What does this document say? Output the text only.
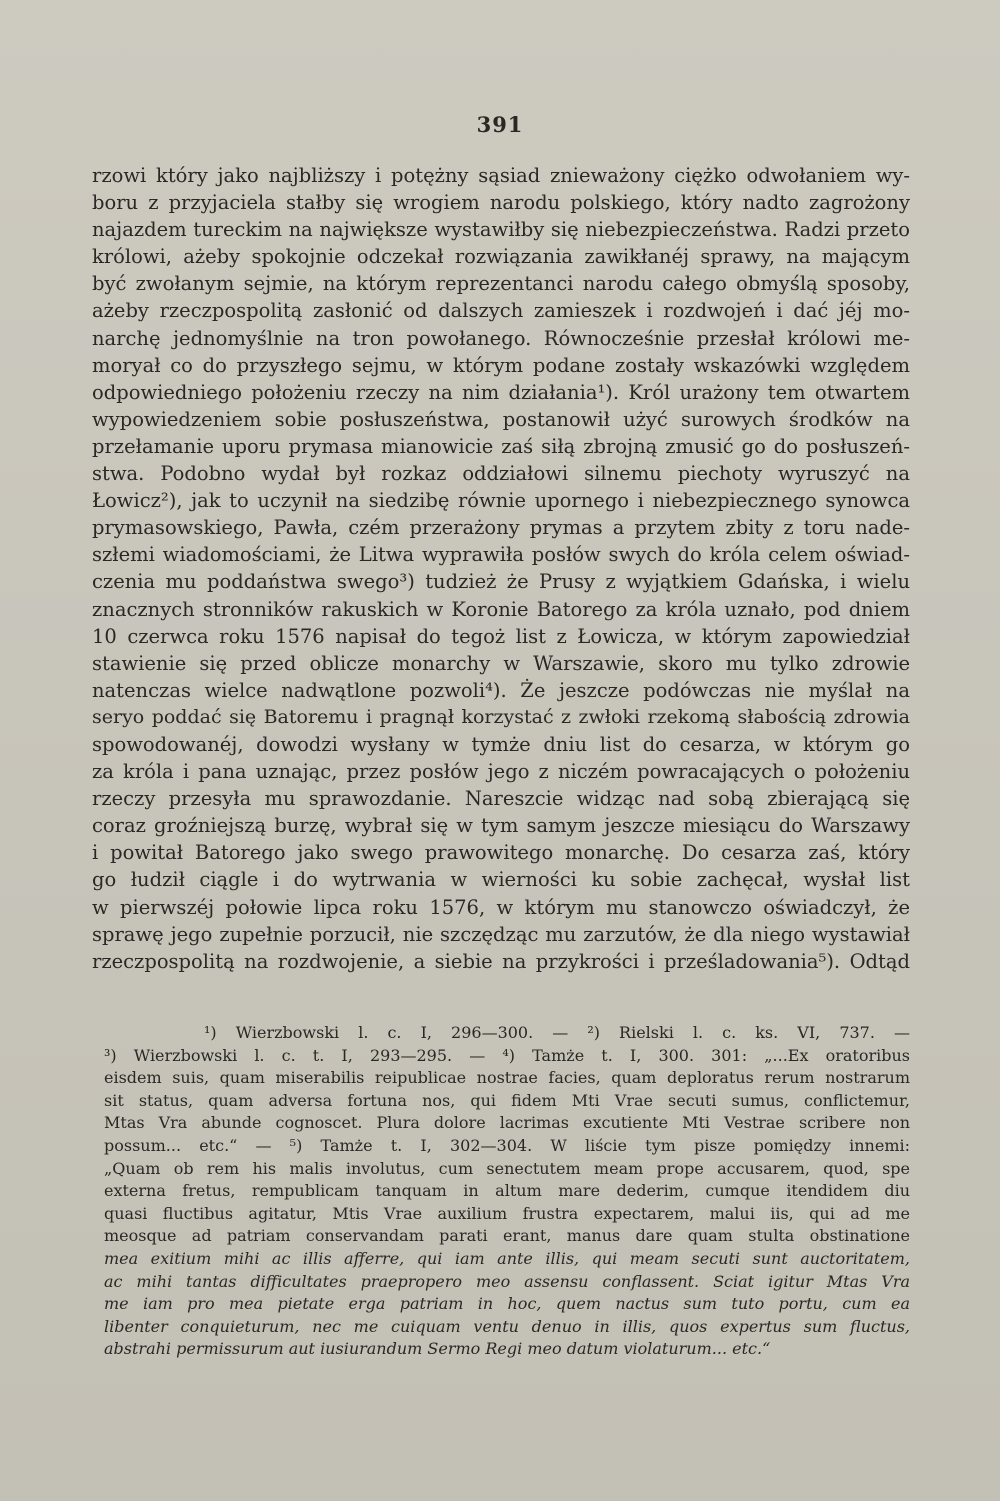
391
rzowi który jako najbliższy i potężny sąsiad znieważony ciężko odwołaniem wy-
boru z przyjaciela stałby się wrogiem narodu polskiego, który nadto zagrożony
najazdem tureckim na największe wystawiłby się niebezpieczeństwa. Radzi przeto
królowi, ażeby spokojnie odczekał rozwiązania zawikłanéj sprawy, na mającym
być zwołanym sejmie, na którym reprezentanci narodu całego obmyślą sposoby,
ażeby rzeczpospolitą zasłonić od dalszych zamieszek i rozdwojeń i dać jéj mo-
narchę jednomyślnie na tron powołanego. Równocześnie przesłał królowi me-
moryał co do przyszłego sejmu, w którym podane zostały wskazówki względem
odpowiedniego położeniu rzeczy na nim działania¹). Król urażony tem otwartem
wypowiedzeniem sobie posłuszeństwa, postanowił użyć surowych środków na
przełamanie uporu prymasa mianowicie zaś siłą zbrojną zmusić go do posłuszeń-
stwa. Podobno wydał był rozkaz oddziałowi silnemu piechoty wyruszyć na
Łowicz²), jak to uczynił na siedzibę równie upornego i niebezpiecznego synowca
prymasowskiego, Pawła, czém przerażony prymas a przytem zbity z toru nade-
szłemi wiadomościami, że Litwa wyprawiła posłów swych do króla celem oświad-
czenia mu poddaństwa swego³) tudzież że Prusy z wyjątkiem Gdańska, i wielu
znacznych stronników rakuskich w Koronie Batorego za króla uznało, pod dniem
10 czerwca roku 1576 napisał do tegoż list z Łowicza, w którym zapowiedział
stawienie się przed oblicze monarchy w Warszawie, skoro mu tylko zdrowie
natenczas wielce nadwątlone pozwoli⁴). Że jeszcze podówczas nie myślał na
seryo poddać się Batoremu i pragnął korzystać z zwłoki rzekomą słabością zdrowia
spowodowanéj, dowodzi wysłany w tymże dniu list do cesarza, w którym go
za króla i pana uznając, przez posłów jego z niczém powracających o położeniu
rzeczy przesyła mu sprawozdanie. Nareszcie widząc nad sobą zbierającą się
coraz groźniejszą burzę, wybrał się w tym samym jeszcze miesiącu do Warszawy
i powitał Batorego jako swego prawowitego monarchę. Do cesarza zaś, który
go łudził ciągle i do wytrwania w wierności ku sobie zachęcał, wysłał list
w pierwszéj połowie lipca roku 1576, w którym mu stanowczo oświadczył, że
sprawę jego zupełnie porzucił, nie szczędząc mu zarzutów, że dla niego wystawiał
rzeczpospolitą na rozdwojenie, a siebie na przykrości i prześladowania⁵). Odtąd
¹) Wierzbowski l. c. I, 296—300. — ²) Rielski l. c. ks. VI, 737. —
³) Wierzbowski l. c. t. I, 293—295. — ⁴) Tamże t. I, 300. 301: „...Ex oratoribus
eisdem suis, quam miserabilis reipublicae nostrae facies, quam deploratus rerum nostrarum
sit status, quam adversa fortuna nos, qui fidem Mti Vrae secuti sumus, conflictemur,
Mtas Vra abunde cognoscet. Plura dolore lacrimas excutiente Mti Vestrae scribere non
possum... etc.“ — ⁵) Tamże t. I, 302—304. W liście tym pisze pomiędzy innemi:
„Quam ob rem his malis involutus, cum senectutem meam prope accusarem, quod, spe
externa fretus, rempublicam tanquam in altum mare dederim, cumque itendidem diu
quasi fluctibus agitatur, Mtis Vrae auxilium frustra expectarem, malui iis, qui ad me
meosque ad patriam conservandam parati erant, manus dare quam stulta obstinatione
mea exitium mihi ac illis afferre, qui iam ante illis, qui meam secuti sunt auctoritatem,
ac mihi tantas difficultates praepropero meo assensu conflassent. Sciat igitur Mtas Vra
me iam pro mea pietate erga patriam in hoc, quem nactus sum tuto portu, cum ea
libenter conquieturum, nec me cuiquam ventu denuo in illis, quos expertus sum fluctus,
abstrahi permissurum aut iusiurandum Sermo Regi meo datum violaturum... etc.“
